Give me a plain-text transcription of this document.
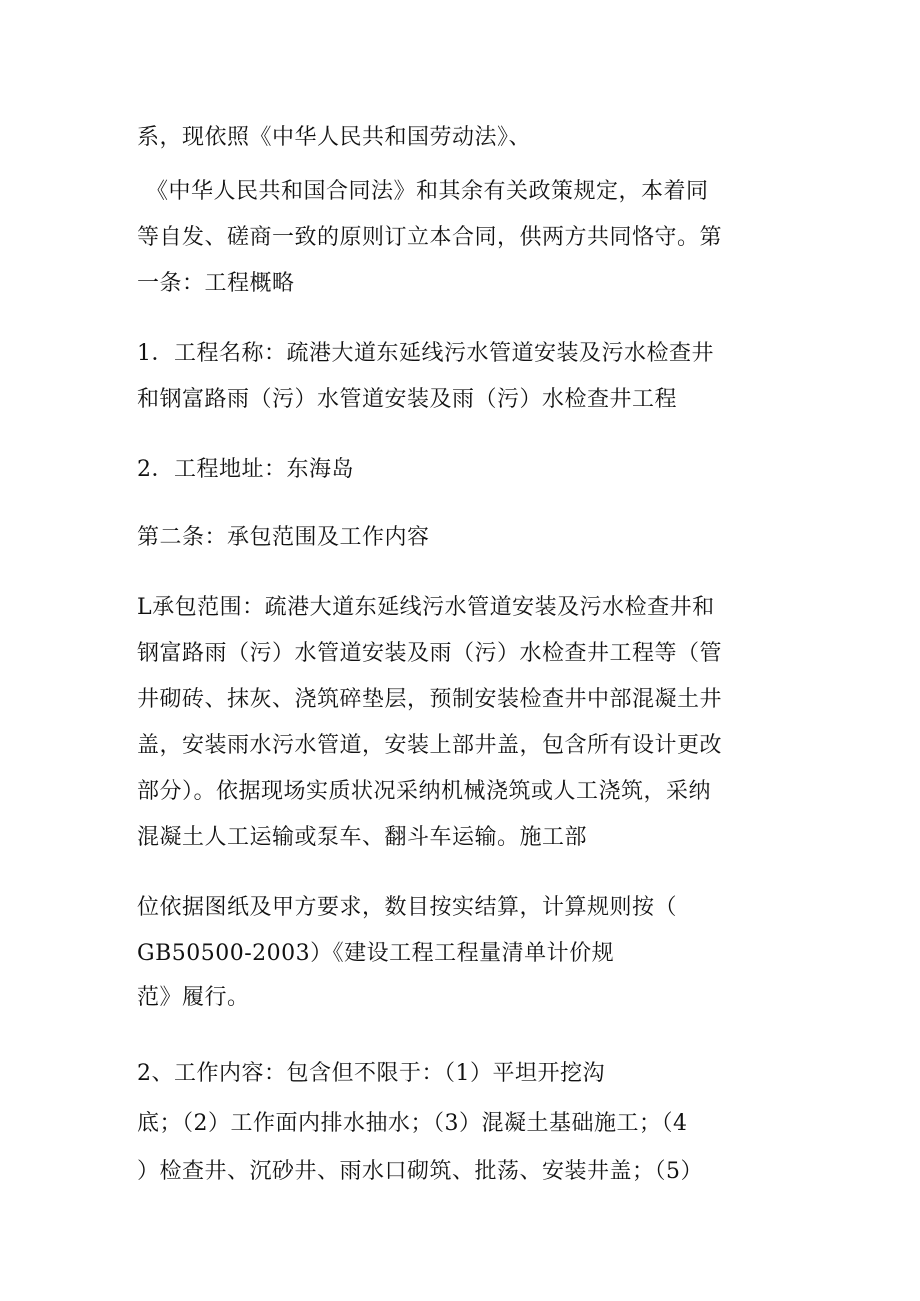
系，现依照《中华人民共和国劳动法》、
《中华人民共和国合同法》和其余有关政策规定，本着同
等自发、磋商一致的原则订立本合同，供两方共同恪守。第
一条：工程概略
1．工程名称：疏港大道东延线污水管道安装及污水检查井
和钢富路雨（污）水管道安装及雨（污）水检查井工程
2．工程地址：东海岛
第二条：承包范围及工作内容
L承包范围：疏港大道东延线污水管道安装及污水检查井和
钢富路雨（污）水管道安装及雨（污）水检查井工程等（管
井砌砖、抹灰、浇筑碎垫层，预制安装检查井中部混凝土井
盖，安装雨水污水管道，安装上部井盖，包含所有设计更改
部分）。依据现场实质状况采纳机械浇筑或人工浇筑，采纳
混凝土人工运输或泵车、翻斗车运输。施工部
位依据图纸及甲方要求，数目按实结算，计算规则按（
GB50500-2003）《建设工程工程量清单计价规
范》履行。
2、工作内容：包含但不限于：（1）平坦开挖沟
底；（2）工作面内排水抽水；（3）混凝土基础施工；（4
）检查井、沉砂井、雨水口砌筑、批荡、安装井盖；（5）
